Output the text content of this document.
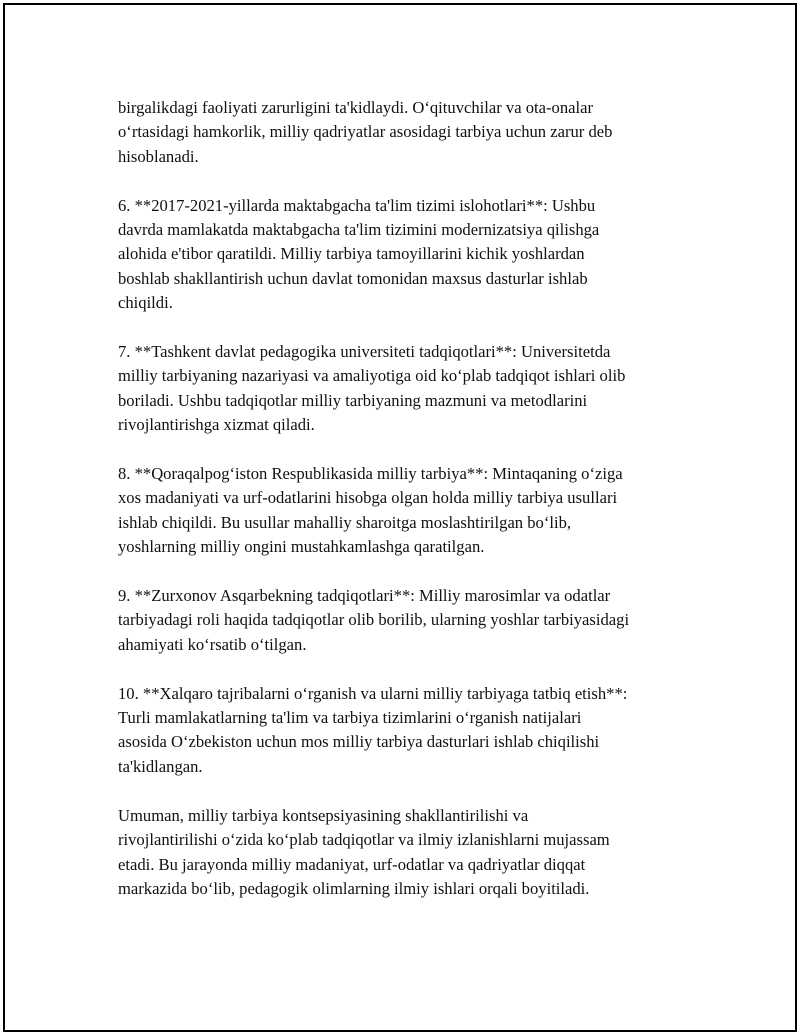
birgalikdagi faoliyati zarurligini ta'kidlaydi. O‘qituvchilar va ota-onalar
o‘rtasidagi hamkorlik, milliy qadriyatlar asosidagi tarbiya uchun zarur deb
hisoblanadi.

6. **2017-2021-yillarda maktabgacha ta'lim tizimi islohotlari**: Ushbu
davrda mamlakatda maktabgacha ta'lim tizimini modernizatsiya qilishga
alohida e'tibor qaratildi. Milliy tarbiya tamoyillarini kichik yoshlardan
boshlab shakllantirish uchun davlat tomonidan maxsus dasturlar ishlab
chiqildi.

7. **Tashkent davlat pedagogika universiteti tadqiqotlari**: Universitetda
milliy tarbiyaning nazariyasi va amaliyotiga oid ko‘plab tadqiqot ishlari olib
boriladi. Ushbu tadqiqotlar milliy tarbiyaning mazmuni va metodlarini
rivojlantirishga xizmat qiladi.

8. **Qoraqalpog‘iston Respublikasida milliy tarbiya**: Mintaqaning o‘ziga
xos madaniyati va urf-odatlarini hisobga olgan holda milliy tarbiya usullari
ishlab chiqildi. Bu usullar mahalliy sharoitga moslashtirilgan bo‘lib,
yoshlarning milliy ongini mustahkamlashga qaratilgan.

9. **Zurxonov Asqarbekning tadqiqotlari**: Milliy marosimlar va odatlar
tarbiyadagi roli haqida tadqiqotlar olib borilib, ularning yoshlar tarbiyasidagi
ahamiyati ko‘rsatib o‘tilgan.

10. **Xalqaro tajribalarni o‘rganish va ularni milliy tarbiyaga tatbiq etish**:
Turli mamlakatlarning ta'lim va tarbiya tizimlarini o‘rganish natijalari
asosida O‘zbekiston uchun mos milliy tarbiya dasturlari ishlab chiqilishi
ta'kidlangan.

Umuman, milliy tarbiya kontsepsiyasining shakllantirilishi va
rivojlantirilishi o‘zida ko‘plab tadqiqotlar va ilmiy izlanishlarni mujassam
etadi. Bu jarayonda milliy madaniyat, urf-odatlar va qadriyatlar diqqat
markazida bo‘lib, pedagogik olimlarning ilmiy ishlari orqali boyitiladi.
